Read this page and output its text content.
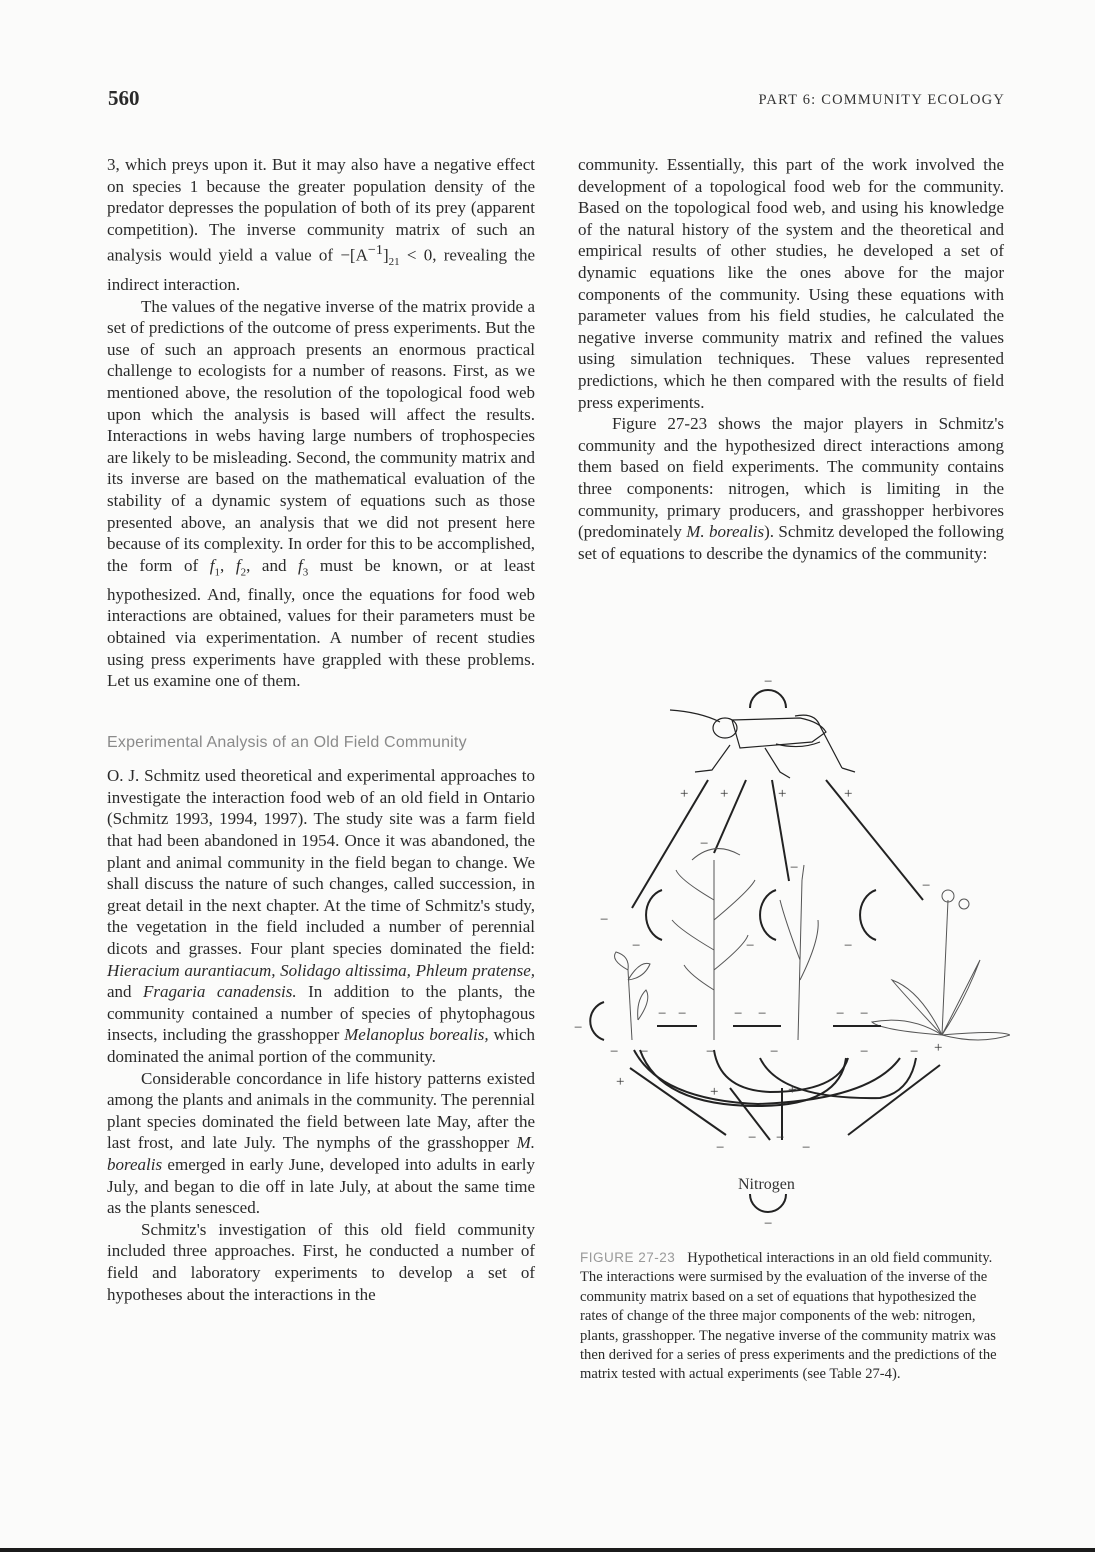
560	PART 6: COMMUNITY ECOLOGY

3, which preys upon it. But it may also have a negative effect on species 1 because the greater population density of the predator depresses the population of both of its prey (apparent competition). The inverse community matrix of such an analysis would yield a value of $-[A^{-1}]_{21} < 0$, revealing the indirect interaction.

The values of the negative inverse of the matrix provide a set of predictions of the outcome of press experiments. But the use of such an approach presents an enormous practical challenge to ecologists for a number of reasons. First, as we mentioned above, the resolution of the topological food web upon which the analysis is based will affect the results. Interactions in webs having large numbers of trophospecies are likely to be misleading. Second, the community matrix and its inverse are based on the mathematical evaluation of the stability of a dynamic system of equations such as those presented above, an analysis that we did not present here because of its complexity. In order for this to be accomplished, the form of $f_1$, $f_2$, and $f_3$ must be known, or at least hypothesized. And, finally, once the equations for food web interactions are obtained, values for their parameters must be obtained via experimentation. A number of recent studies using press experiments have grappled with these problems. Let us examine one of them.

Experimental Analysis of an Old Field Community

O. J. Schmitz used theoretical and experimental approaches to investigate the interaction food web of an old field in Ontario (Schmitz 1993, 1994, 1997). The study site was a farm field that had been abandoned in 1954. Once it was abandoned, the plant and animal community in the field began to change. We shall discuss the nature of such changes, called succession, in great detail in the next chapter. At the time of Schmitz's study, the vegetation in the field included a number of perennial dicots and grasses. Four plant species dominated the field: Hieracium aurantiacum, Solidago altissima, Phleum pratense, and Fragaria canadensis. In addition to the plants, the community contained a number of species of phytophagous insects, including the grasshopper Melanoplus borealis, which dominated the animal portion of the community.

Considerable concordance in life history patterns existed among the plants and animals in the community. The perennial plant species dominated the field between late May, after the last frost, and late July. The nymphs of the grasshopper M. borealis emerged in early June, developed into adults in early July, and began to die off in late July, at about the same time as the plants senesced.

Schmitz's investigation of this old field community included three approaches. First, he conducted a number of field and laboratory experiments to develop a set of hypotheses about the interactions in the

community. Essentially, this part of the work involved the development of a topological food web for the community. Based on the topological food web, and using his knowledge of the natural history of the system and the theoretical and empirical results of other studies, he developed a set of dynamic equations like the ones above for the major components of the community. Using these equations with parameter values from his field studies, he calculated the negative inverse community matrix and refined the values using simulation techniques. These values represented predictions, which he then compared with the results of field press experiments.

Figure 27-23 shows the major players in Schmitz's community and the hypothesized direct interactions among them based on field experiments. The community contains three components: nitrogen, which is limiting in the community, primary producers, and grasshopper herbivores (predominately M. borealis). Schmitz developed the following set of equations to describe the dynamics of the community:

−
+ +	+	+
−
−
−
−
−	−	−
−
− −	− −	− −
− −	−	−	−	− +
+
+	+
−
− −
−
Nitrogen
−
FIGURE 27-23 Hypothetical interactions in an old field community. The interactions were surmised by the evaluation of the inverse of the community matrix based on a set of equations that hypothesized the rates of change of the three major components of the web: nitrogen, plants, grasshopper. The negative inverse of the community matrix was then derived for a series of press experiments and the predictions of the matrix tested with actual experiments (see Table 27-4).
